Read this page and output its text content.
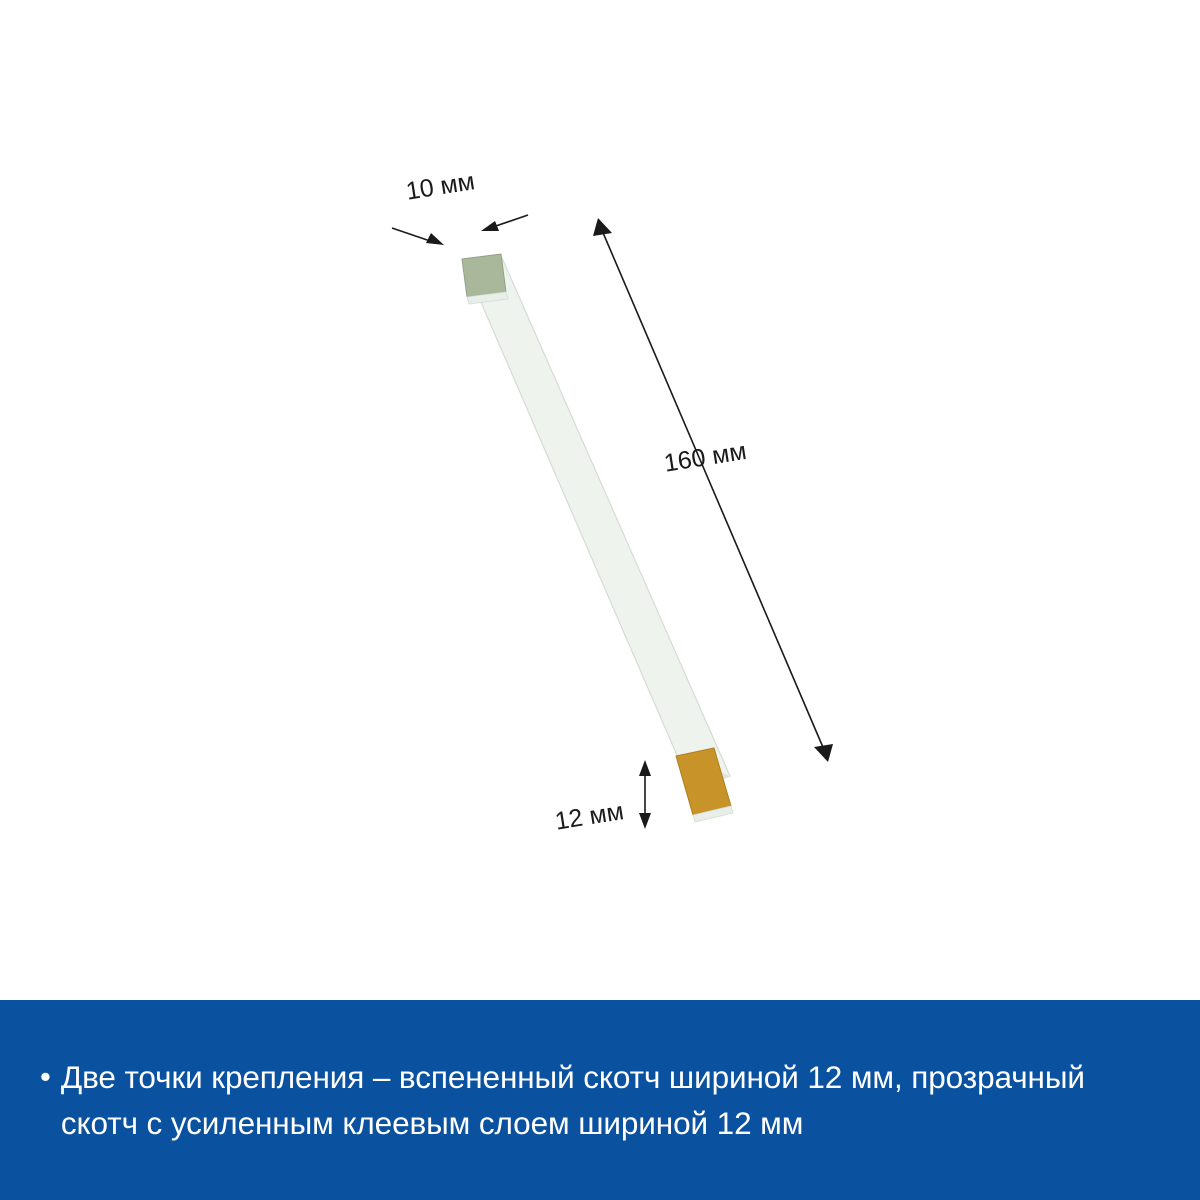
10 мм
160 мм
12 мм
• Две точки крепления – вспененный скотч шириной 12 мм, прозрачный скотч с усиленным клеевым слоем шириной 12 мм
